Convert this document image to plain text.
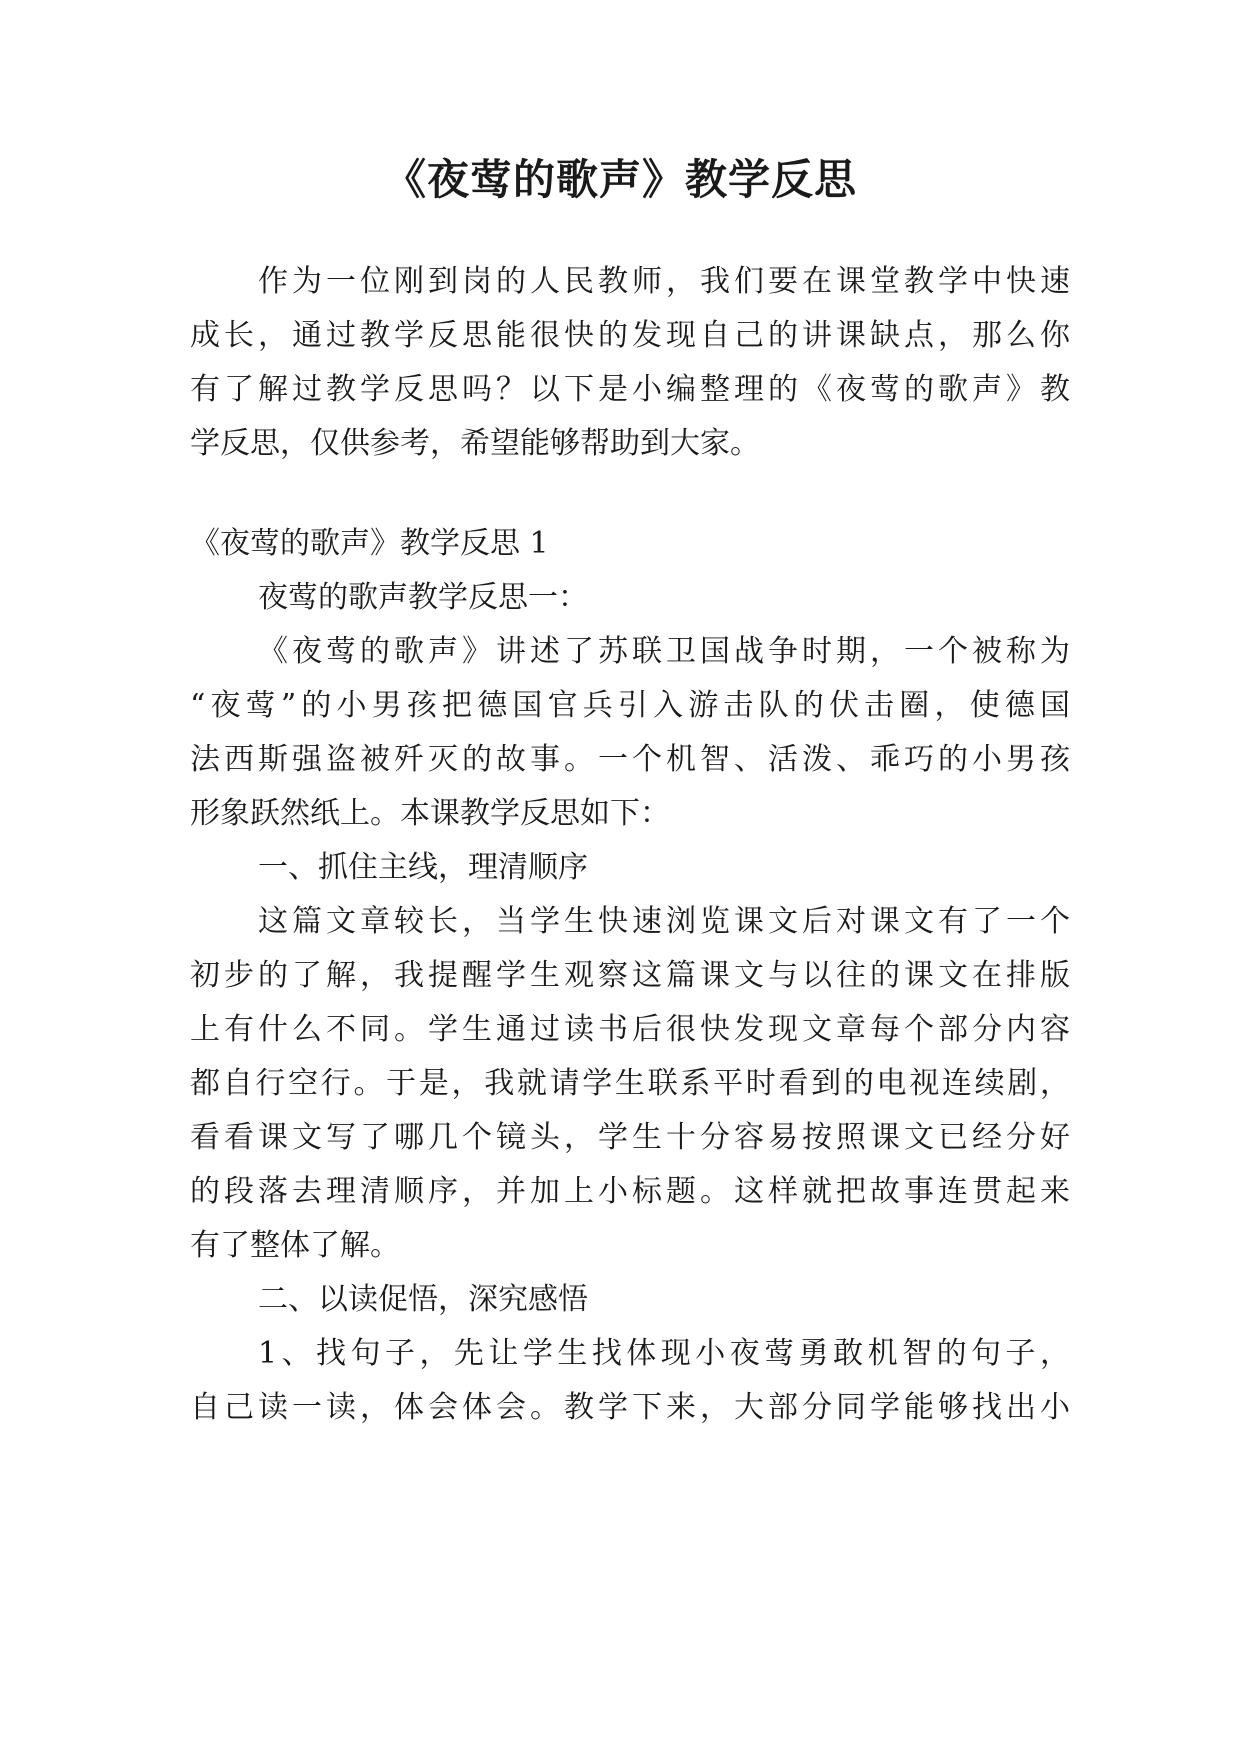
《夜莺的歌声》教学反思

作为一位刚到岗的人民教师，我们要在课堂教学中快速

成长，通过教学反思能很快的发现自己的讲课缺点，那么你

有了解过教学反思吗？以下是小编整理的《夜莺的歌声》教

学反思，仅供参考，希望能够帮助到大家。

《夜莺的歌声》教学反思 1

夜莺的歌声教学反思一：

《夜莺的歌声》讲述了苏联卫国战争时期，一个被称为

“夜莺”的小男孩把德国官兵引入游击队的伏击圈，使德国

法西斯强盗被歼灭的故事。一个机智、活泼、乖巧的小男孩

形象跃然纸上。本课教学反思如下：

一、抓住主线，理清顺序

这篇文章较长，当学生快速浏览课文后对课文有了一个

初步的了解，我提醒学生观察这篇课文与以往的课文在排版

上有什么不同。学生通过读书后很快发现文章每个部分内容

都自行空行。于是，我就请学生联系平时看到的电视连续剧，

看看课文写了哪几个镜头，学生十分容易按照课文已经分好

的段落去理清顺序，并加上小标题。这样就把故事连贯起来

有了整体了解。

二、以读促悟，深究感悟

1、找句子，先让学生找体现小夜莺勇敢机智的句子，

自己读一读，体会体会。教学下来，大部分同学能够找出小
